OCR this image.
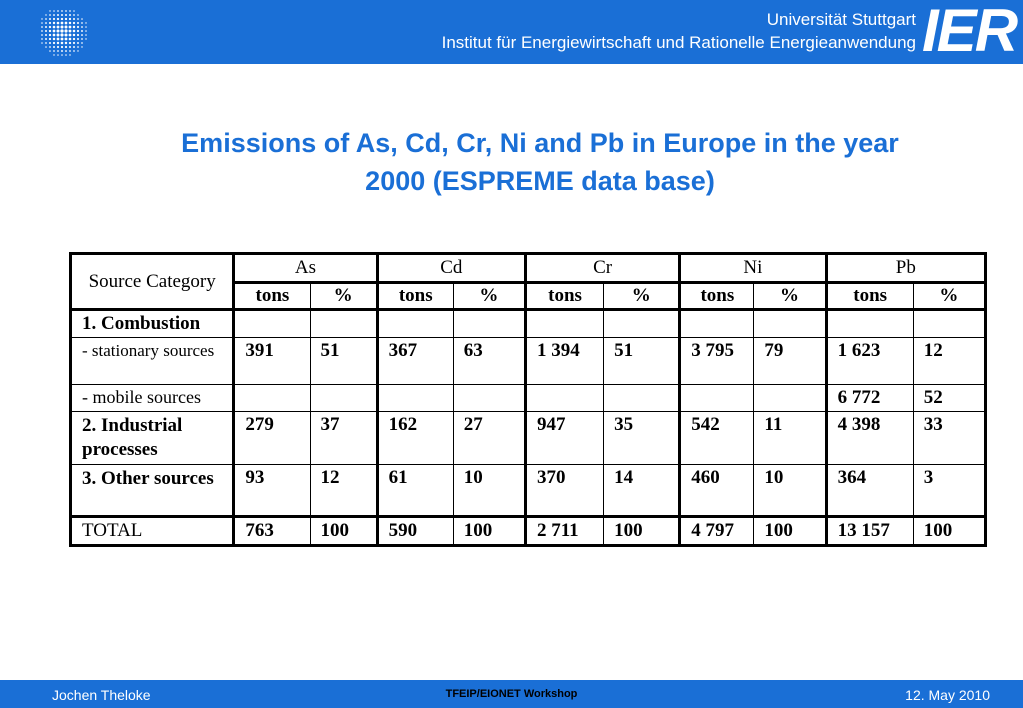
Universität Stuttgart
Institut für Energiewirtschaft und Rationelle Energieanwendung IER
Emissions of As, Cd, Cr, Ni and Pb in Europe in the year
2000 (ESPREME data base)
Source Category	As		Cd		Cr		Ni		Pb	
	tons	%	tons	%	tons	%	tons	%	tons	%
1. Combustion										
- stationary sources	391	51	367	63	1 394	51	3 795	79	1 623	12
- mobile sources									6 772	52
2. Industrial processes	279	37	162	27	947	35	542	11	4 398	33
3. Other sources	93	12	61	10	370	14	460	10	364	3
TOTAL	763	100	590	100	2 711	100	4 797	100	13 157	100
Jochen Theloke	TFEIP/EIONET Workshop	12. May 2010
